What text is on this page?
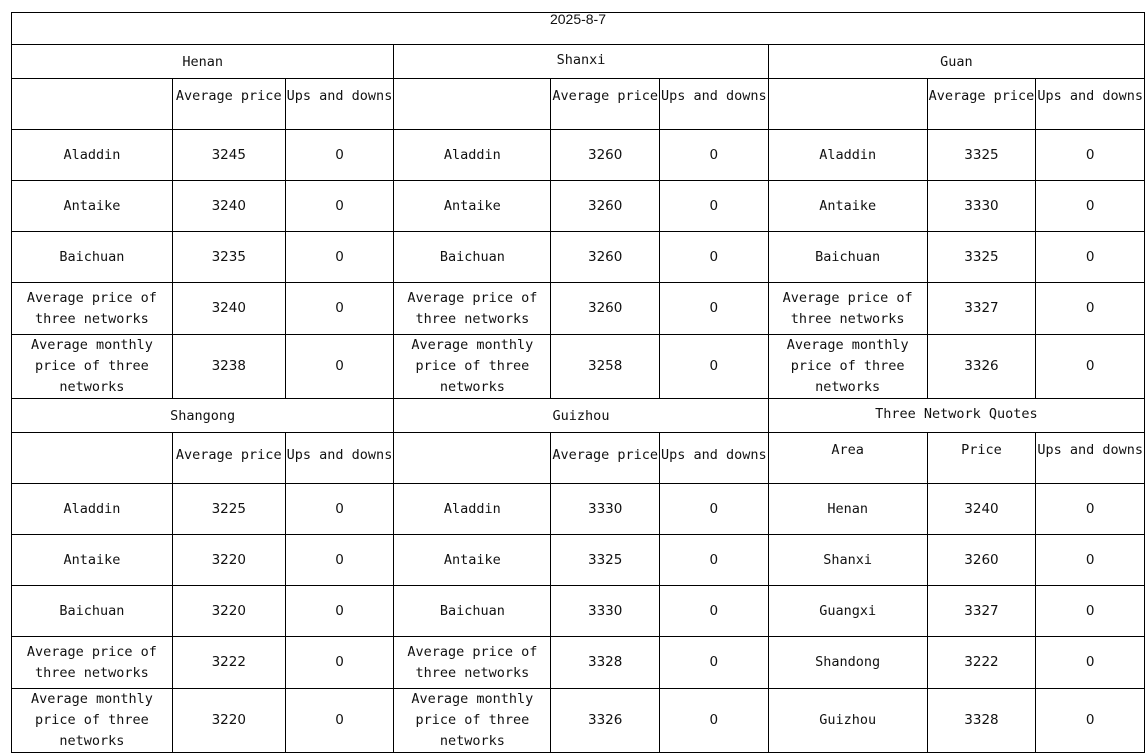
2025-8-7								
Henan			Shanxi			Guan		
	Average price	Ups and downs		Average price	Ups and downs		Average price	Ups and downs
Aladdin	3245	0	Aladdin	3260	0	Aladdin	3325	0
Antaike	3240	0	Antaike	3260	0	Antaike	3330	0
Baichuan	3235	0	Baichuan	3260	0	Baichuan	3325	0
Average price of three networks	3240	0	Average price of three networks	3260	0	Average price of three networks	3327	0
Average monthly price of three networks	3238	0	Average monthly price of three networks	3258	0	Average monthly price of three networks	3326	0
Shangong			Guizhou			Three Network Quotes		
	Average price	Ups and downs		Average price	Ups and downs	Area	Price	Ups and downs
Aladdin	3225	0	Aladdin	3330	0	Henan	3240	0
Antaike	3220	0	Antaike	3325	0	Shanxi	3260	0
Baichuan	3220	0	Baichuan	3330	0	Guangxi	3327	0
Average price of three networks	3222	0	Average price of three networks	3328	0	Shandong	3222	0
Average monthly price of three networks	3220	0	Average monthly price of three networks	3326	0	Guizhou	3328	0
